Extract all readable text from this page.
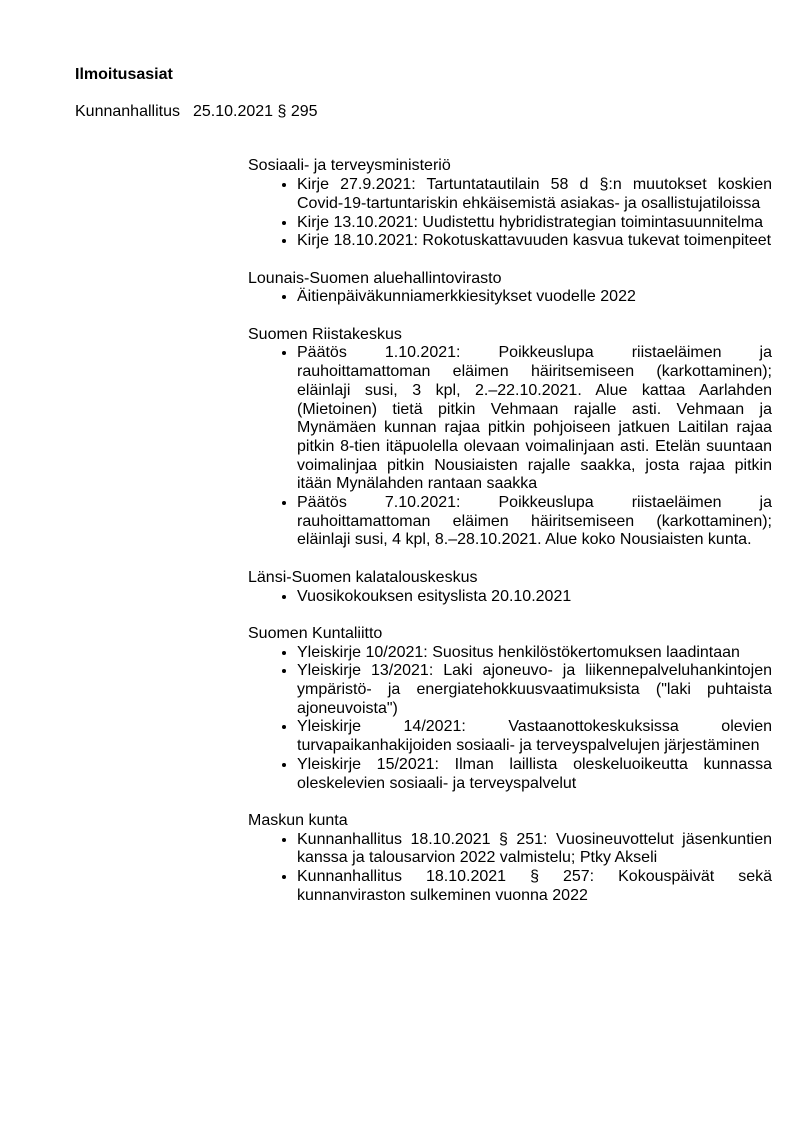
Ilmoitusasiat

Kunnanhallitus 25.10.2021 § 295

Sosiaali- ja terveysministeriö

• Kirje 27.9.2021: Tartuntatautilain 58 d §:n muutokset koskien Covid-19-tartuntariskin ehkäisemistä asiakas- ja osallistujatiloissa
• Kirje 13.10.2021: Uudistettu hybridistrategian toimintasuunnitelma
• Kirje 18.10.2021: Rokotuskattavuuden kasvua tukevat toimenpiteet

Lounais-Suomen aluehallintovirasto

• Äitienpäiväkunniamerkkiesitykset vuodelle 2022

Suomen Riistakeskus

• Päätös 1.10.2021: Poikkeuslupa riistaeläimen ja rauhoittamattoman eläimen häiritsemiseen (karkottaminen); eläinlaji susi, 3 kpl, 2.–22.10.2021. Alue kattaa Aarlahden (Mietoinen) tietä pitkin Vehmaan rajalle asti. Vehmaan ja Mynämäen kunnan rajaa pitkin pohjoiseen jatkuen Laitilan rajaa pitkin 8-tien itäpuolella olevaan voimalinjaan asti. Etelän suuntaan voimalinjaa pitkin Nousiaisten rajalle saakka, josta rajaa pitkin itään Mynälahden rantaan saakka
• Päätös 7.10.2021: Poikkeuslupa riistaeläimen ja rauhoittamattoman eläimen häiritsemiseen (karkottaminen); eläinlaji susi, 4 kpl, 8.–28.10.2021. Alue koko Nousiaisten kunta.

Länsi-Suomen kalatalouskeskus

• Vuosikokouksen esityslista 20.10.2021

Suomen Kuntaliitto

• Yleiskirje 10/2021: Suositus henkilöstökertomuksen laadintaan
• Yleiskirje 13/2021: Laki ajoneuvo- ja liikennepalveluhankintojen ympäristö- ja energiatehokkuusvaatimuksista ("laki puhtaista ajoneuvoista")
• Yleiskirje 14/2021: Vastaanottokeskuksissa olevien turvapaikanhakijoiden sosiaali- ja terveyspalvelujen järjestäminen
• Yleiskirje 15/2021: Ilman laillista oleskeluoikeutta kunnassa oleskelevien sosiaali- ja terveyspalvelut

Maskun kunta

• Kunnanhallitus 18.10.2021 § 251: Vuosineuvottelut jäsenkuntien kanssa ja talousarvion 2022 valmistelu; Ptky Akseli
• Kunnanhallitus 18.10.2021 § 257: Kokouspäivät sekä kunnanviraston sulkeminen vuonna 2022
